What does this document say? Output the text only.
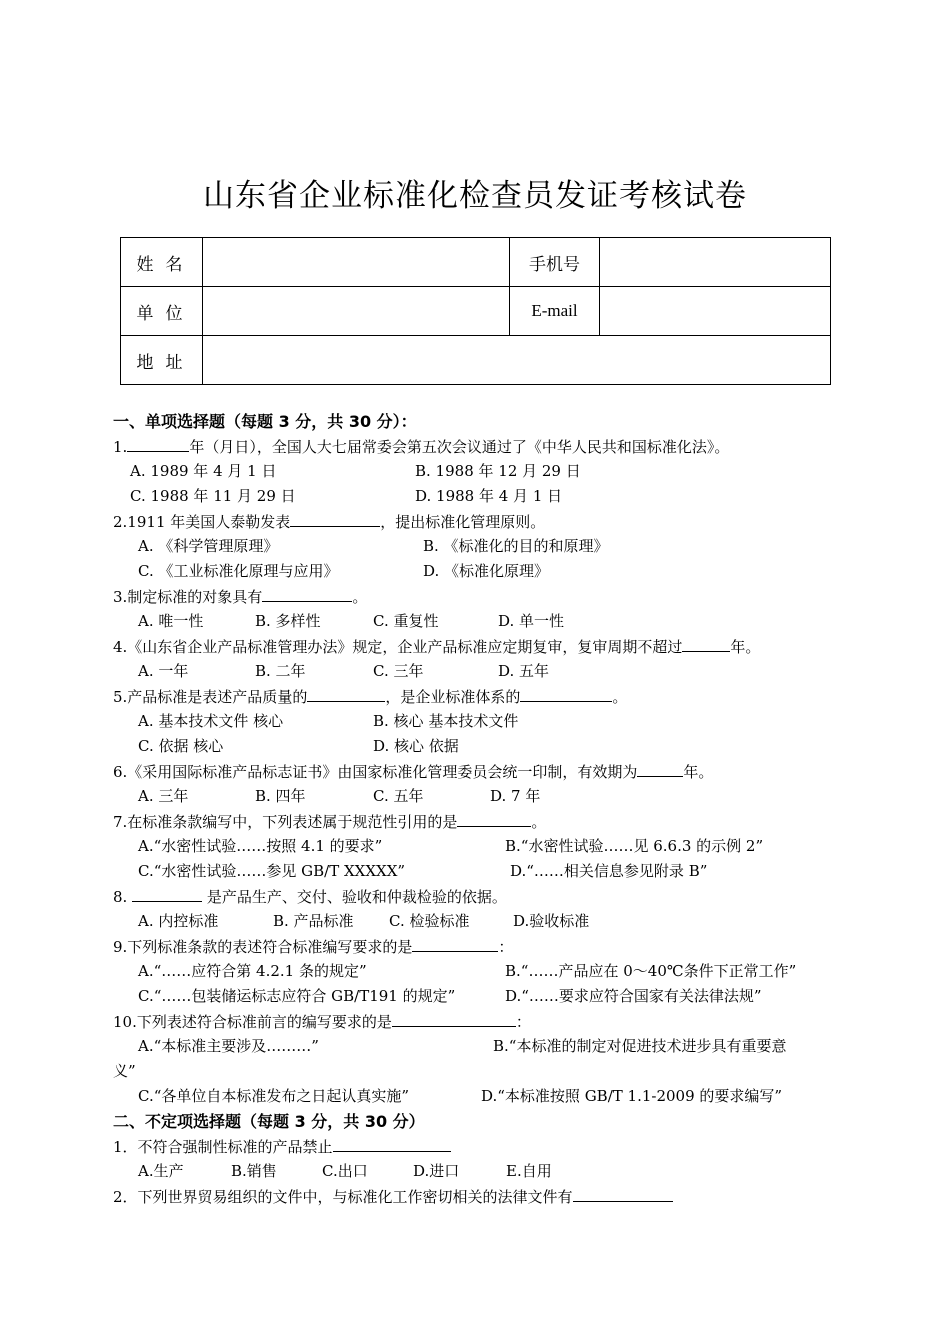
山东省企业标准化检查员发证考核试卷
姓名		手机号	
单位		E-mail	
地址			
一、单项选择题（每题 3 分，共 30 分）：
1.	年（月日），全国人大七届常委会第五次会议通过了《中华人民共和国标准化法》。
A. 1989 年 4 月 1 日	B. 1988 年 12 月 29 日
C. 1988 年 11 月 29 日	D. 1988 年 4 月 1 日
2.1911 年美国人泰勒发表	，提出标准化管理原则。
A. 《科学管理原理》	B. 《标准化的目的和原理》
C. 《工业标准化原理与应用》	D. 《标准化原理》
3.制定标准的对象具有	。
A. 唯一性	B. 多样性	C. 重复性	D. 单一性
4.《山东省企业产品标准管理办法》规定，企业产品标准应定期复审，复审周期不超过	年。
A. 一年	B. 二年	C. 三年	D. 五年
5.产品标准是表述产品质量的	，是企业标准体系的	。
A. 基本技术文件 核心	B. 核心 基本技术文件
C. 依据 核心	D. 核心 依据
6.《采用国际标准产品标志证书》由国家标准化管理委员会统一印制，有效期为	年。
A. 三年	B. 四年	C. 五年	D. 7 年
7.在标准条款编写中，下列表述属于规范性引用的是	。
A.“水密性试验……按照 4.1 的要求”	B.“水密性试验……见 6.6.3 的示例 2”
C.“水密性试验……参见 GB/T XXXXX”	D.“……相关信息参见附录 B”
8.	是产品生产、交付、验收和仲裁检验的依据。
A. 内控标准	B. 产品标准 C. 检验标准	D.验收标准
9.下列标准条款的表述符合标准编写要求的是	：
A.“……应符合第 4.2.1 条的规定”	B.“……产品应在 0～40℃条件下正常工作”
C.“……包装储运标志应符合 GB/T191 的规定”	D.“……要求应符合国家有关法律法规”
10.下列表述符合标准前言的编写要求的是	：
A.“本标准主要涉及………”	B.“本标准的制定对促进技术进步具有重要意
义”
C.“各单位自本标准发布之日起认真实施”	D.“本标准按照 GB/T 1.1-2009 的要求编写”
二、不定项选择题（每题 3 分，共 30 分）
1．不符合强制性标准的产品禁止
A.生产	B.销售	C.出口	D.进口	E.自用
2．下列世界贸易组织的文件中，与标准化工作密切相关的法律文件有
